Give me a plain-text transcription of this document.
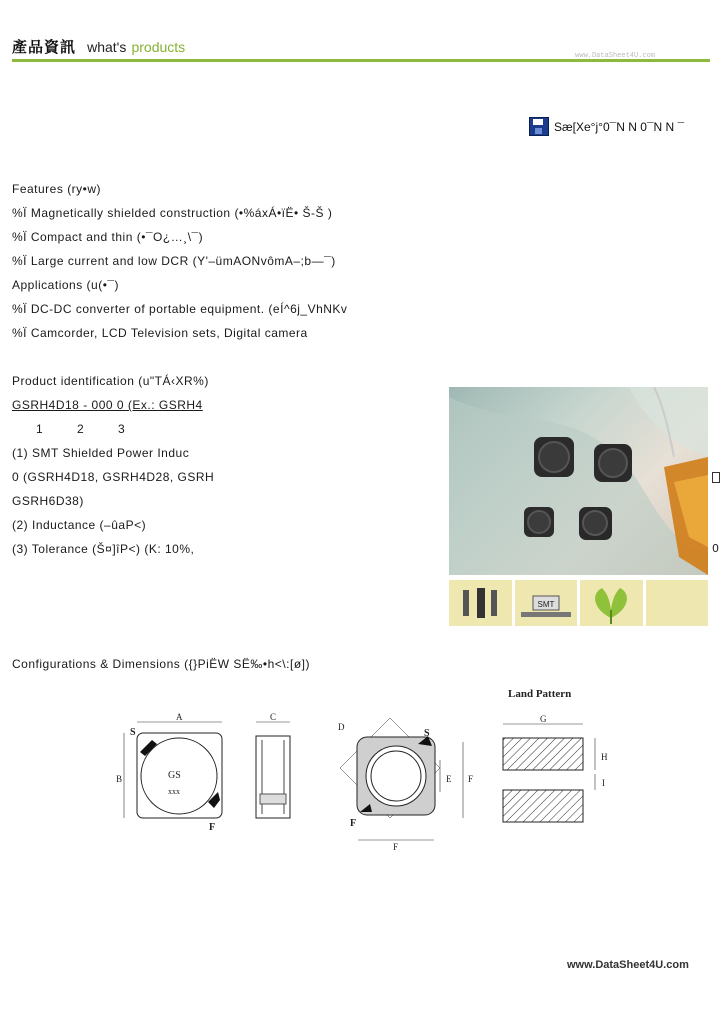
產品資訊 what's products
www.DataSheet4U.com
Sæ[Xe°j°0¯N N 0¯N N ¯
Features (ry•w)
%Ï Magnetically shielded construction (•%áxÁ•ïË• Š-Š )
%Ï Compact and thin (•¯O¿…¸\¯)
%Ï Large current and low DCR (Y'–ümAONvômA–;b—¯)
Applications (u(•¯)
%Ï DC-DC converter of portable equipment. (eÍ^6j_VhNKv
%Ï Camcorder, LCD Television sets, Digital camera
Product identification (u"TÁ‹XR%)
GSRH4D18 - 000 0 (Ex.: GSRH4
1 2 3
(1) SMT Shielded Power Induc
0 (GSRH4D18, GSRH4D28, GSRH
GSRH6D38)
(2) Inductance (–ûaP<)
(3) Tolerance (Š¤]îP<) (K: 10%,
Configurations & Dimensions ({}PiËW SË‰•h<\:[ø])
0
SMT
A
S
B	GS
xxx
F
C
D
S
F
F
E F
G
H
I
Land Pattern
www.DataSheet4U.com
